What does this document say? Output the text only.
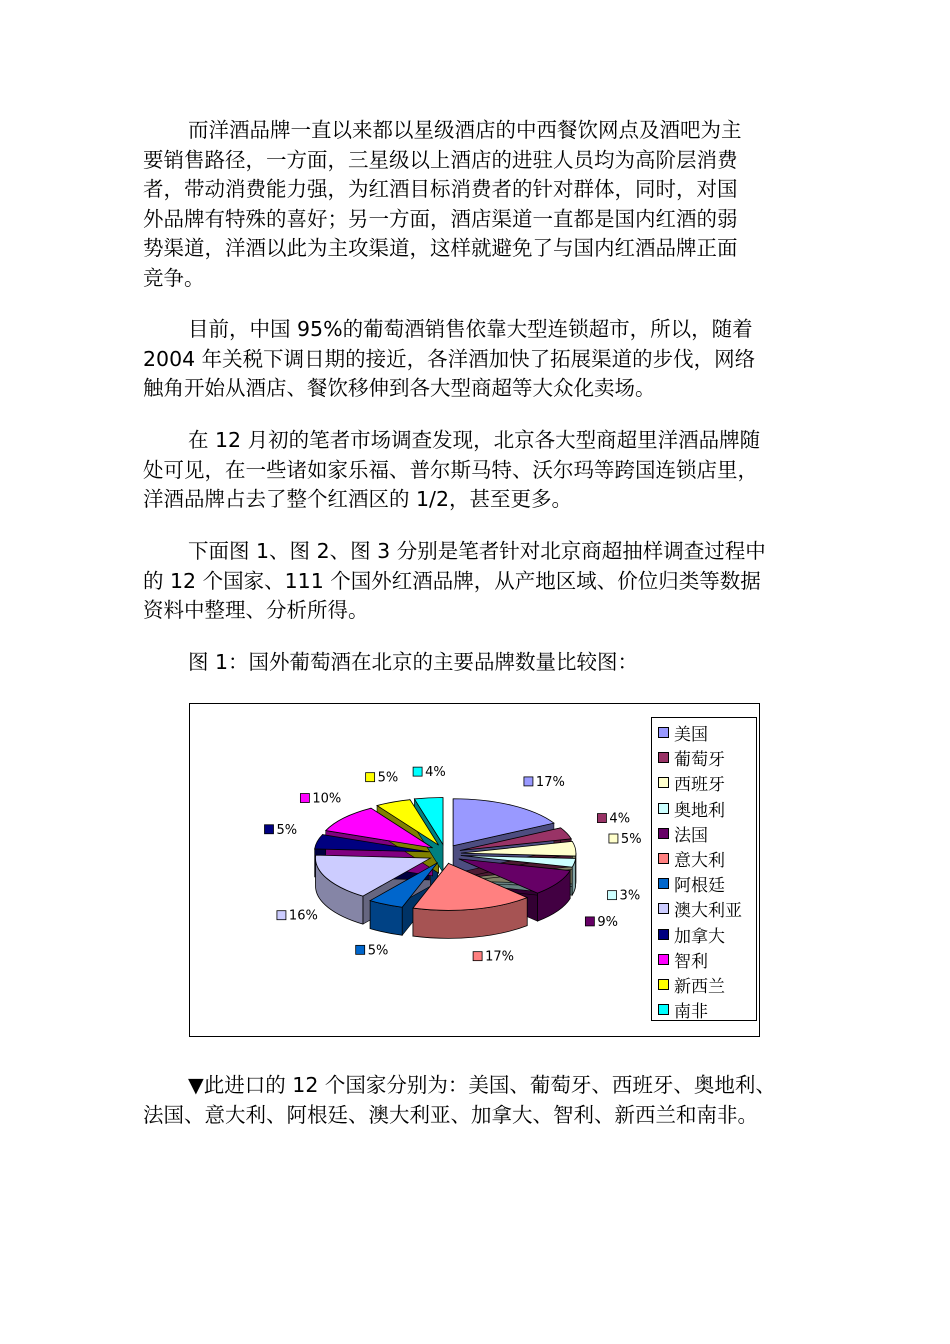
而洋酒品牌一直以来都以星级酒店的中西餐饮网点及酒吧为主
要销售路径，一方面，三星级以上酒店的进驻人员均为高阶层消费
者，带动消费能力强，为红酒目标消费者的针对群体，同时，对国
外品牌有特殊的喜好；另一方面，酒店渠道一直都是国内红酒的弱
势渠道，洋酒以此为主攻渠道，这样就避免了与国内红酒品牌正面
竞争。

目前，中国 95%的葡萄酒销售依靠大型连锁超市，所以，随着
2004 年关税下调日期的接近，各洋酒加快了拓展渠道的步伐，网络
触角开始从酒店、餐饮移伸到各大型商超等大众化卖场。

在 12 月初的笔者市场调查发现，北京各大型商超里洋酒品牌随
处可见，在一些诸如家乐福、普尔斯马特、沃尔玛等跨国连锁店里，
洋酒品牌占去了整个红酒区的 1/2，甚至更多。

下面图 1、图 2、图 3 分别是笔者针对北京商超抽样调查过程中
的 12 个国家、111 个国外红酒品牌，从产地区域、价位归类等数据
资料中整理、分析所得。

图 1：国外葡萄酒在北京的主要品牌数量比较图：
17%
4%
5%
3%
9%
17%
5%
16%
5%
10%
5% 4%
美国
葡萄牙
西班牙
奥地利
法国
意大利
阿根廷
澳大利亚
加拿大
智利
新西兰
南非

▼此进口的 12 个国家分别为：美国、葡萄牙、西班牙、奥地利、
法国、意大利、阿根廷、澳大利亚、加拿大、智利、新西兰和南非。
